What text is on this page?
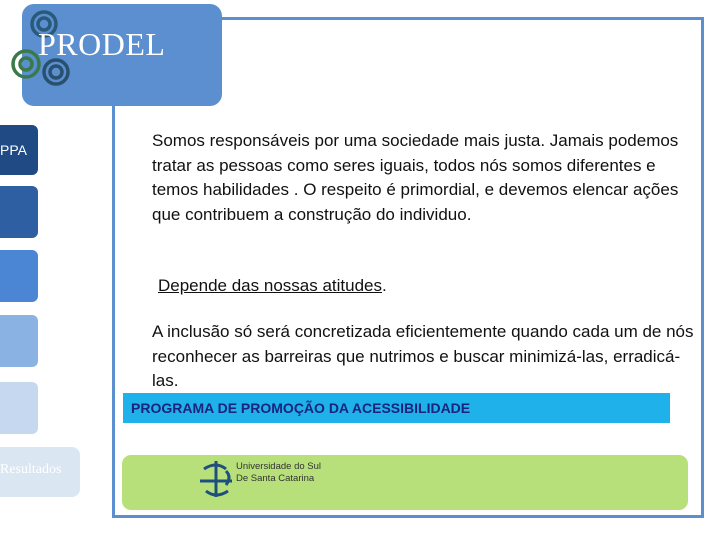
PRODEL
PPA
Resultados
Somos responsáveis por uma sociedade mais justa. Jamais podemos tratar as pessoas como seres iguais, todos nós somos diferentes e temos habilidades . O respeito é primordial, e devemos elencar ações que contribuem a construção do individuo.
Depende das nossas atitudes.
A inclusão só será concretizada eficientemente quando cada um de nós reconhecer as barreiras que nutrimos e buscar minimizá-las, erradicá-las.
PROGRAMA DE PROMOÇÃO DA ACESSIBILIDADE
Universidade do Sul
De Santa Catarina
